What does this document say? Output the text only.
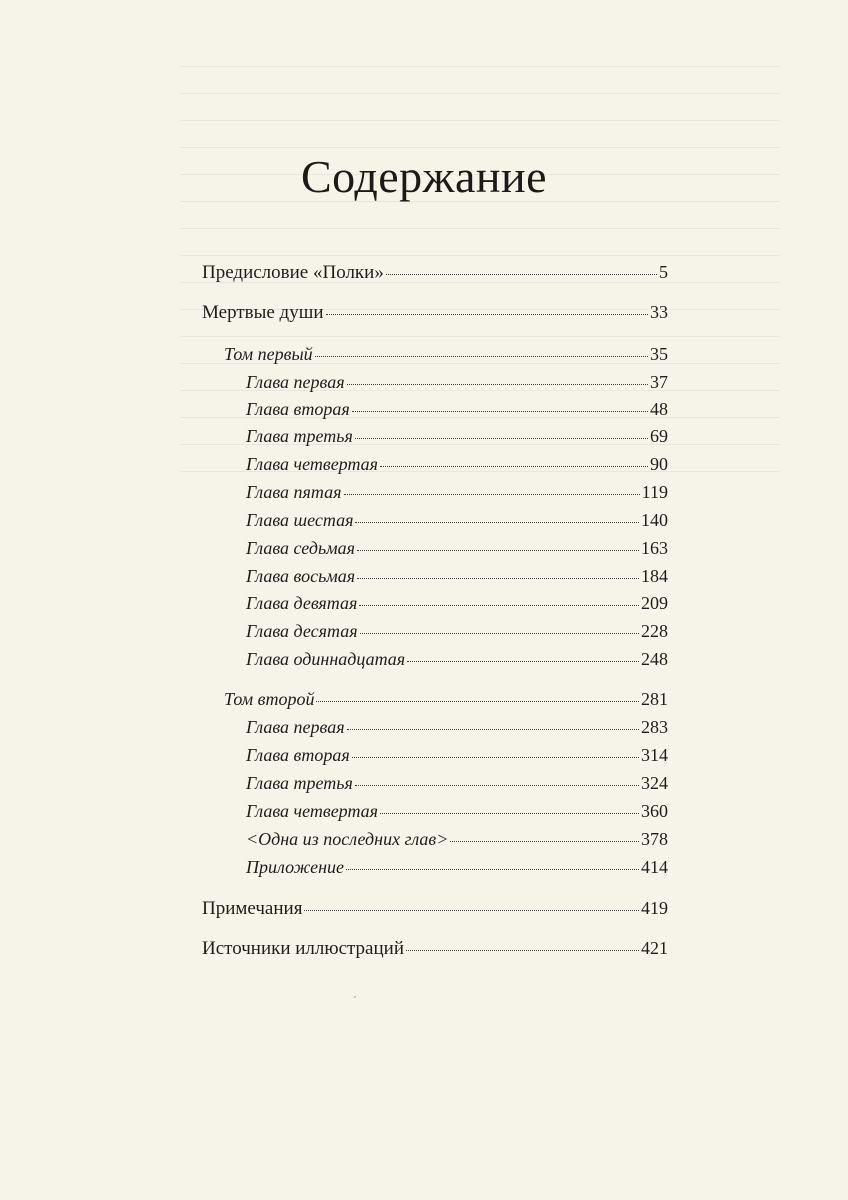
Содержание
Предисловие «Полки»	5
Мертвые души	33
Том первый	35
Глава первая	37
Глава вторая	48
Глава третья	69
Глава четвертая	90
Глава пятая	119
Глава шестая	140
Глава седьмая	163
Глава восьмая	184
Глава девятая	209
Глава десятая	228
Глава одиннадцатая	248
Том второй	281
Глава первая	283
Глава вторая	314
Глава третья	324
Глава четвертая	360
<Одна из последних глав>	378
Приложение	414
Примечания	419
Источники иллюстраций	421
